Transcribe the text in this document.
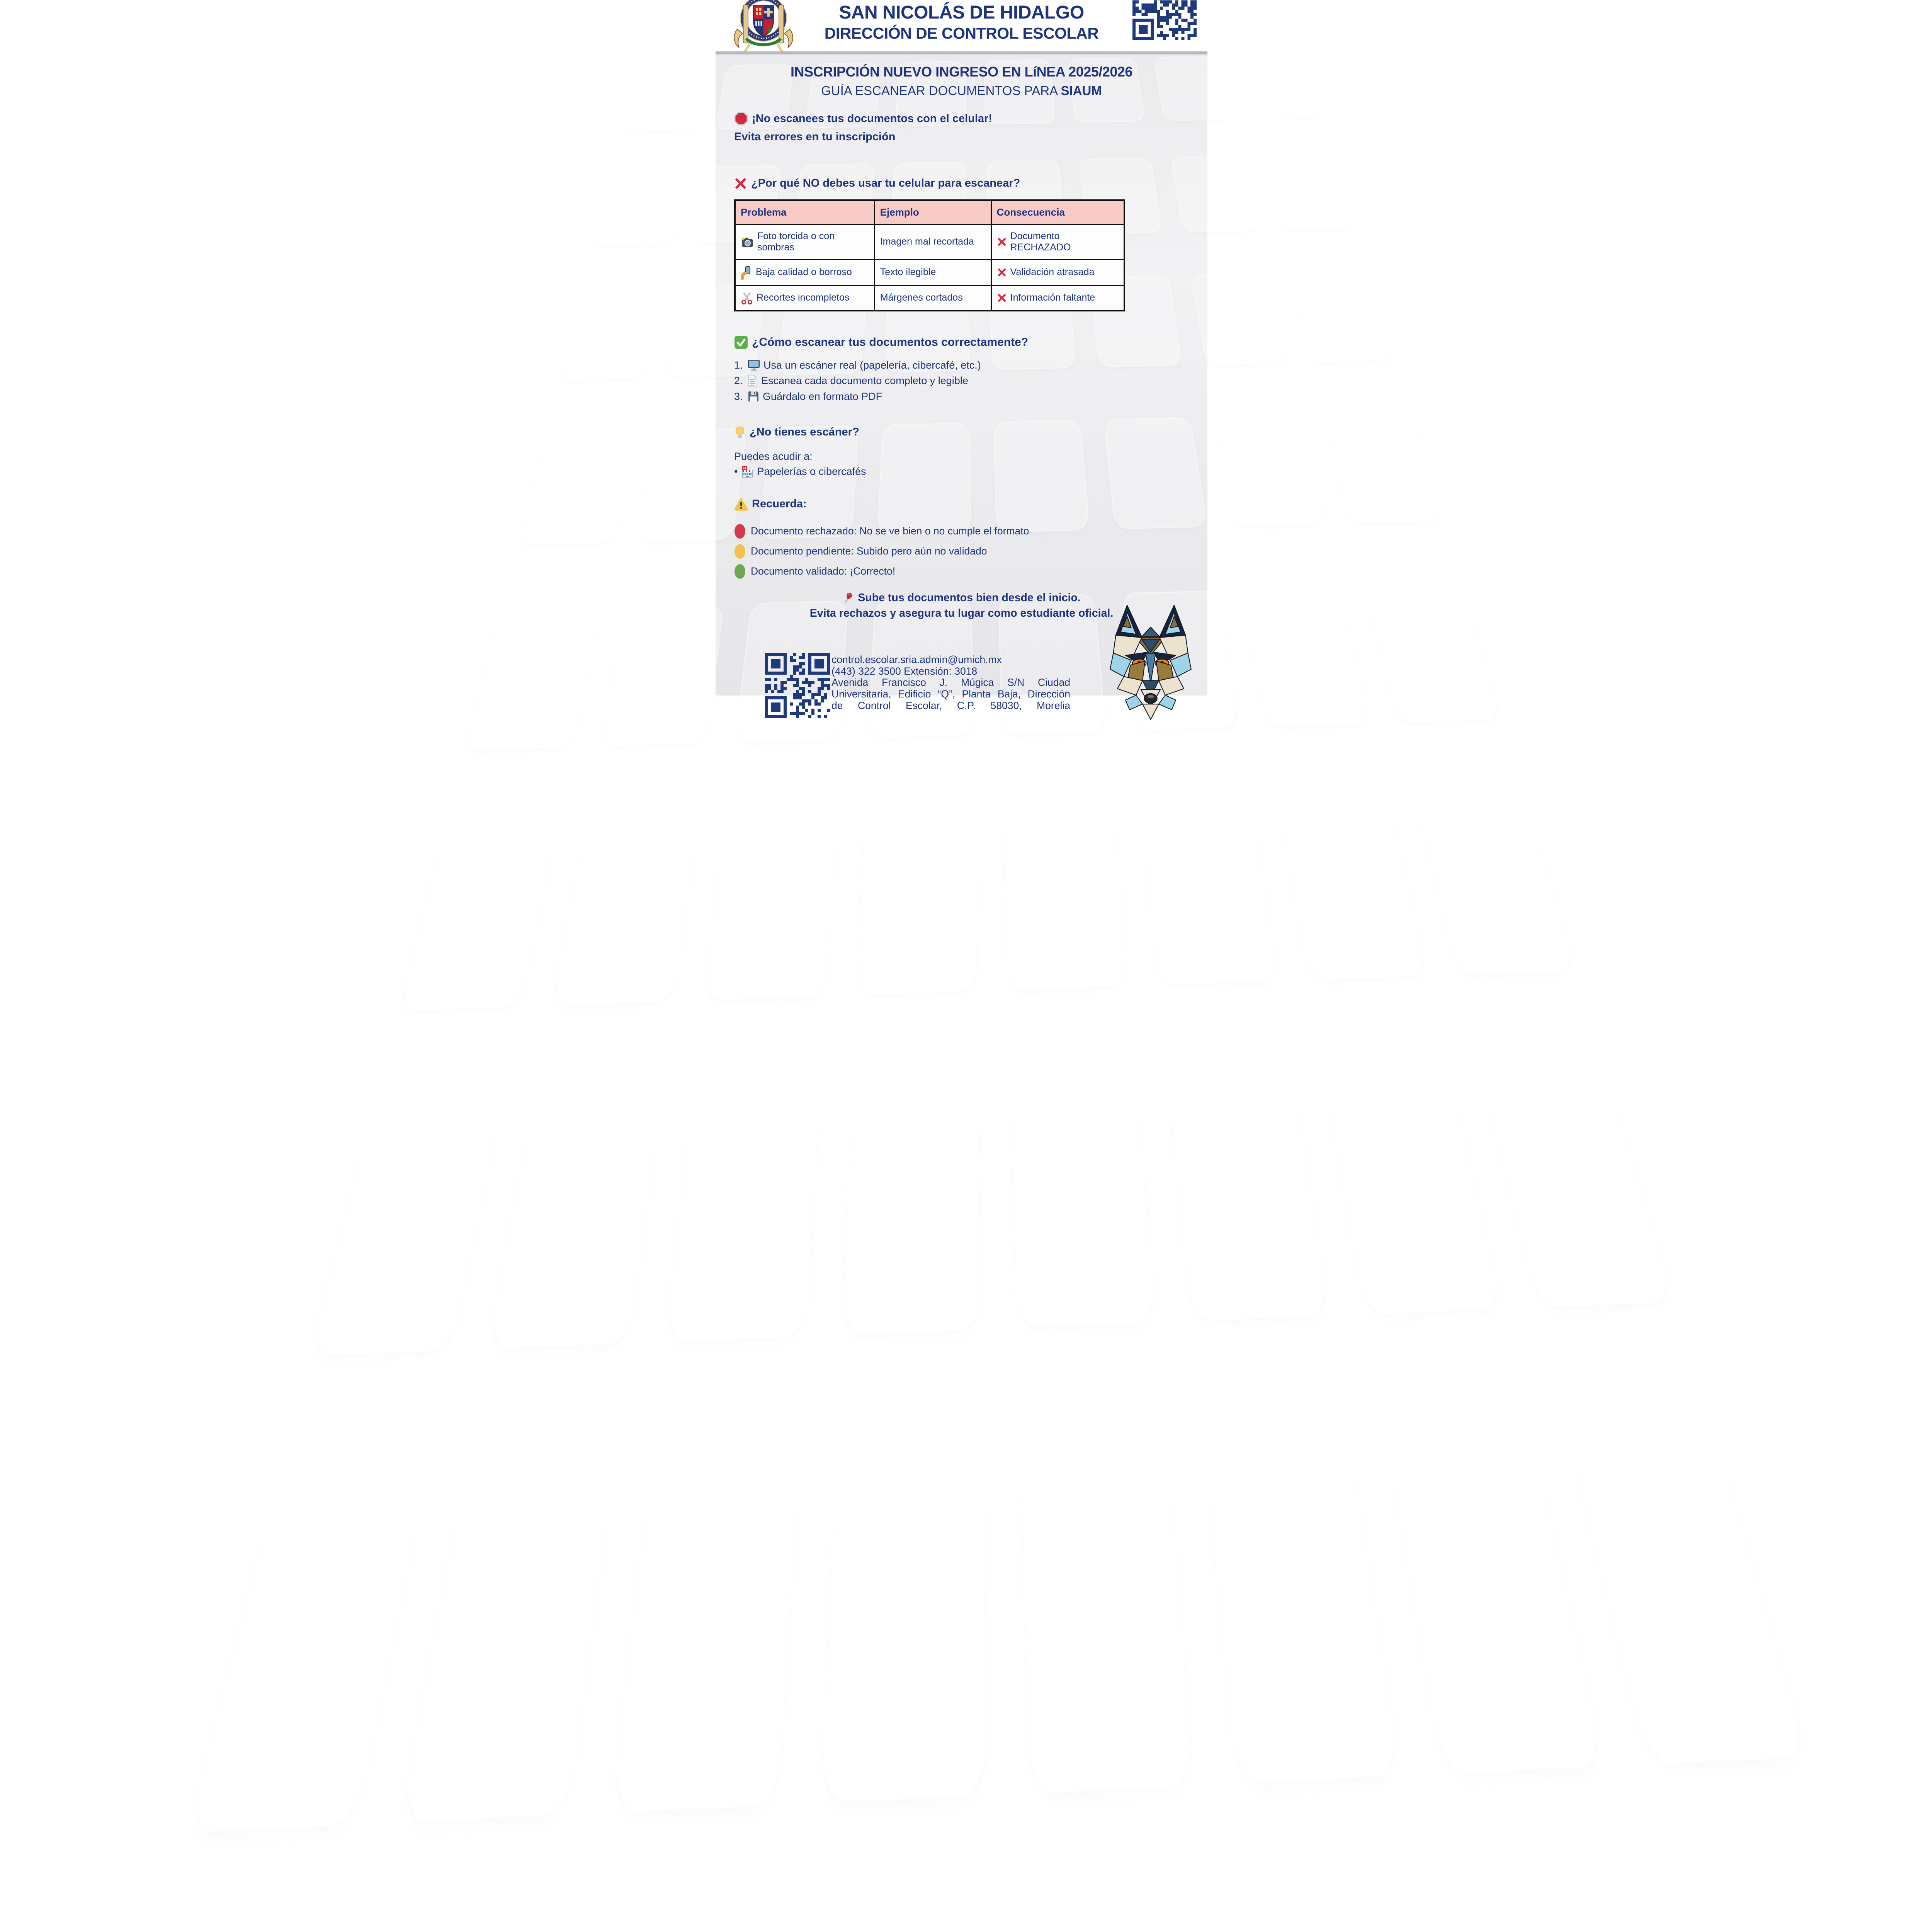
SAN NICOLÁS DE HIDALGO
DIRECCIÓN DE CONTROL ESCOLAR
INSCRIPCIÓN NUEVO INGRESO EN LíNEA 2025/2026
GUÍA ESCANEAR DOCUMENTOS PARA SIAUM
¡No escanees tus documentos con el celular!
Evita errores en tu inscripción
¿Por qué NO debes usar tu celular para escanear?
Problema	Ejemplo	Consecuencia

Foto torcida o con sombras	Imagen mal recortada	Documento RECHAZADO

Baja calidad o borroso	Texto ilegible	Validación atrasada

Recortes incompletos	Márgenes cortados	Información faltante
¿Cómo escanear tus documentos correctamente?
1. Usa un escáner real (papelería, cibercafé, etc.)
2. Escanea cada documento completo y legible
3. Guárdalo en formato PDF
¿No tienes escáner?
Puedes acudir a:
• 24 Papelerías o cibercafés
Recuerda:
Documento rechazado: No se ve bien o no cumple el formato
Documento pendiente: Subido pero aún no validado
Documento validado: ¡Correcto!
Sube tus documentos bien desde el inicio.
Evita rechazos y asegura tu lugar como estudiante oficial.
control.escolar.sria.admin@umich.mx
(443) 322 3500 Extensión: 3018
Avenida Francisco J. Múgica S/N Ciudad
Universitaria, Edificio “Q”, Planta Baja, Dirección
de Control Escolar, C.P. 58030, Morelia
